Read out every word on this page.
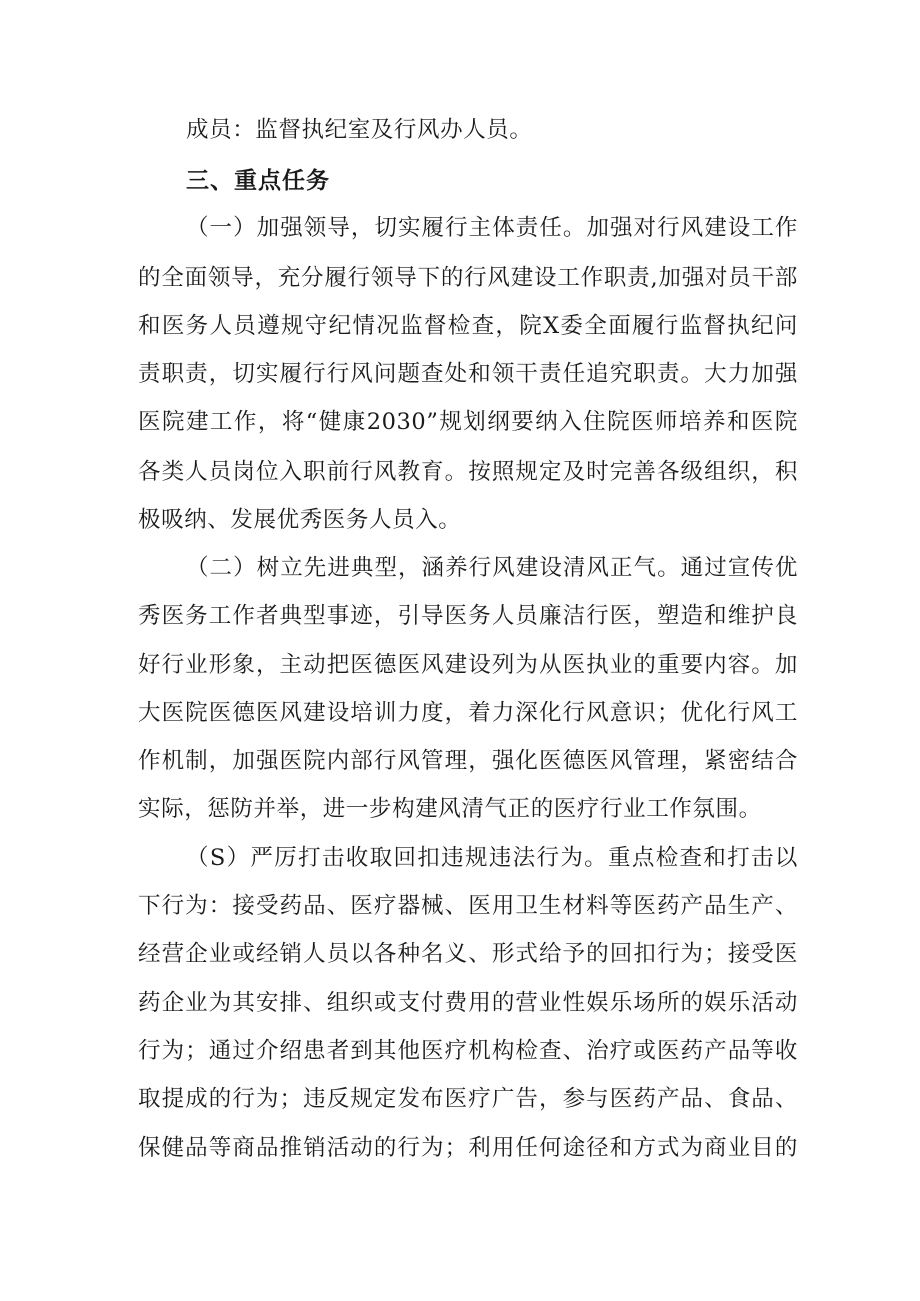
成员：监督执纪室及行风办人员。
三、重点任务
（一）加强领导，切实履行主体责任。加强对行风建设工作
的全面领导，充分履行领导下的行风建设工作职责,加强对员干部
和医务人员遵规守纪情况监督检查，院X委全面履行监督执纪问
责职责，切实履行行风问题查处和领干责任追究职责。大力加强
医院建工作，将“健康2030”规划纲要纳入住院医师培养和医院
各类人员岗位入职前行风教育。按照规定及时完善各级组织，积
极吸纳、发展优秀医务人员入。
（二）树立先进典型，涵养行风建设清风正气。通过宣传优
秀医务工作者典型事迹，引导医务人员廉洁行医，塑造和维护良
好行业形象，主动把医德医风建设列为从医执业的重要内容。加
大医院医德医风建设培训力度，着力深化行风意识；优化行风工
作机制，加强医院内部行风管理，强化医德医风管理，紧密结合
实际，惩防并举，进一步构建风清气正的医疗行业工作氛围。
（S）严厉打击收取回扣违规违法行为。重点检查和打击以
下行为：接受药品、医疗器械、医用卫生材料等医药产品生产、
经营企业或经销人员以各种名义、形式给予的回扣行为；接受医
药企业为其安排、组织或支付费用的营业性娱乐场所的娱乐活动
行为；通过介绍患者到其他医疗机构检查、治疗或医药产品等收
取提成的行为；违反规定发布医疗广告，参与医药产品、食品、
保健品等商品推销活动的行为；利用任何途径和方式为商业目的
